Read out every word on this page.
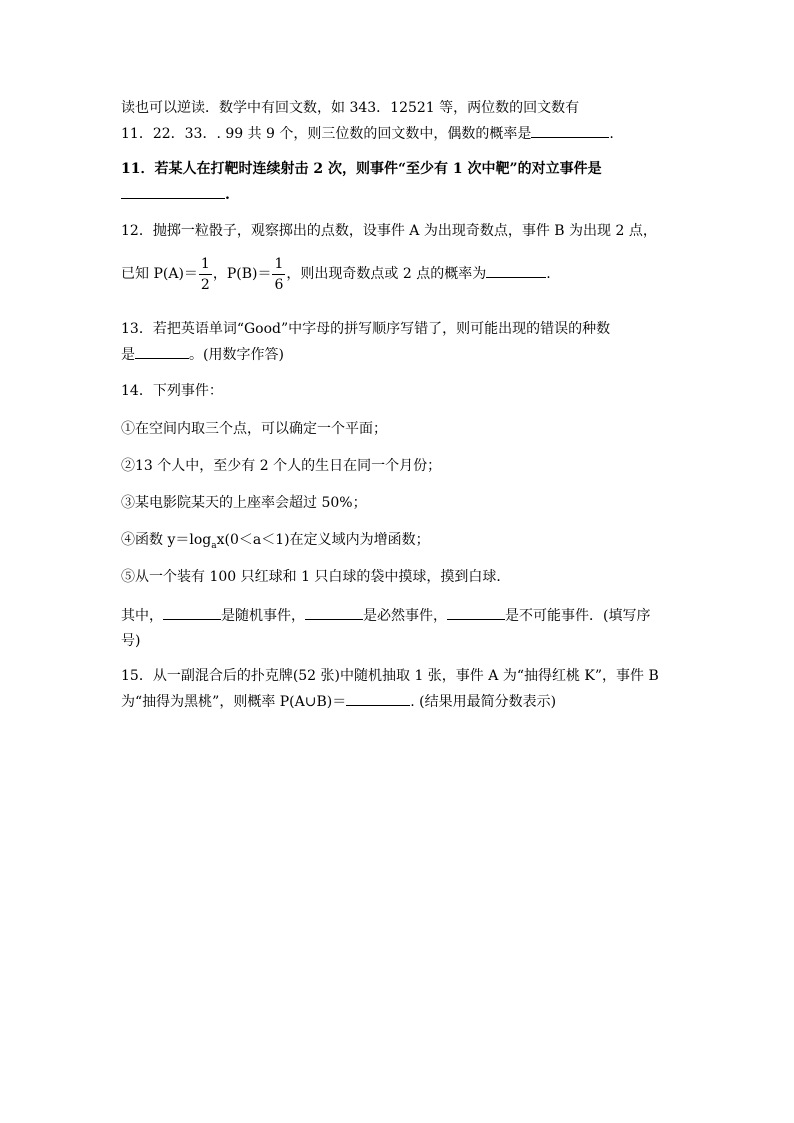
读也可以逆读．数学中有回文数，如 343．12521 等，两位数的回文数有
11．22．33．. 99 共 9 个，则三位数的回文数中，偶数的概率是	.
11．若某人在打靶时连续射击 2 次，则事件“至少有 1 次中靶”的对立事件是
.
12．抛掷一粒骰子，观察掷出的点数，设事件 A 为出现奇数点，事件 B 为出现 2 点，
已知 $P(A)= \frac{1}{2}$ ，$P(B)= \frac{1}{6}$ ，则出现奇数点或 2 点的概率为	.
13．若把英语单词“Good”中字母的拼写顺序写错了，则可能出现的错误的种数
是	。(用数字作答)
14．下列事件：
①在空间内取三个点，可以确定一个平面；
②13 个人中，至少有 2 个人的生日在同一个月份；
③某电影院某天的上座率会超过 50%；
④函数 $y=\log_ax(0<a<1)$在定义域内为增函数；
⑤从一个装有 100 只红球和 1 只白球的袋中摸球，摸到白球．
其中，	是随机事件，	是必然事件，	是不可能事件．(填写序
号)
15．从一副混合后的扑克牌(52 张)中随机抽取 1 张，事件 A 为“抽得红桃 K”，事件 B
为“抽得为黑桃”，则概率 P(A∪B)＝	. (结果用最简分数表示)
